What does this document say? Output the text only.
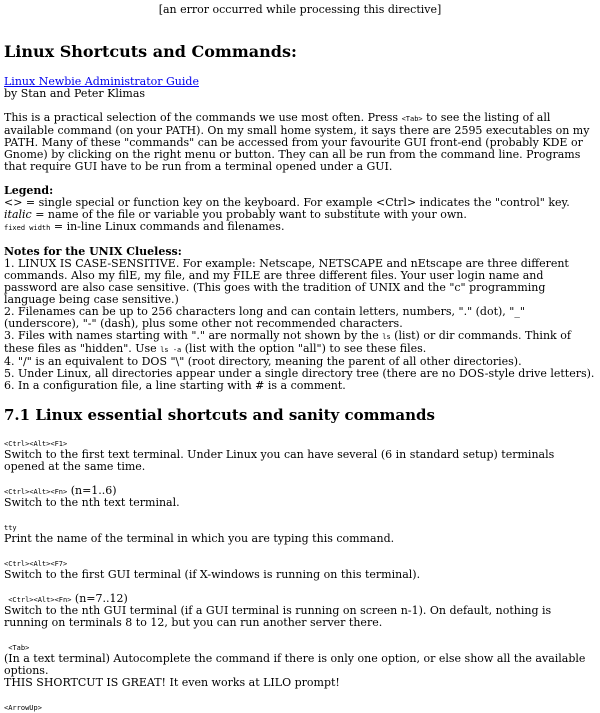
[an error occurred while processing this directive]
Linux Shortcuts and Commands:
Linux Newbie Administrator Guide
by Stan and Peter Klimas

This is a practical selection of the commands we use most often. Press <Tab> to see the listing of all available command (on your PATH). On my small home system, it says there are 2595 executables on my PATH. Many of these "commands" can be accessed from your favourite GUI front-end (probably KDE or Gnome) by clicking on the right menu or button. They can all be run from the command line. Programs that require GUI have to be run from a terminal opened under a GUI.

Legend:
<> = single special or function key on the keyboard. For example <Ctrl> indicates the "control" key.
italic = name of the file or variable you probably want to substitute with your own.
fixed width = in-line Linux commands and filenames.
Notes for the UNIX Clueless:
1. LINUX IS CASE-SENSITIVE. For example: Netscape, NETSCAPE and nEtscape are three different commands. Also my filE, my file, and my FILE are three different files. Your user login name and password are also case sensitive. (This goes with the tradition of UNIX and the "c" programming language being case sensitive.)
2. Filenames can be up to 256 characters long and can contain letters, numbers, "." (dot), "_" (underscore), "-" (dash), plus some other not recommended characters.
3. Files with names starting with "." are normally not shown by the ls (list) or dir commands. Think of these files as "hidden". Use ls -a (list with the option "all") to see these files.
4. "/" is an equivalent to DOS "\" (root directory, meaning the parent of all other directories).
5. Under Linux, all directories appear under a single directory tree (there are no DOS-style drive letters).
6. In a configuration file, a line starting with # is a comment.
7.1 Linux essential shortcuts and sanity commands
<Ctrl><Alt><F1>
Switch to the first text terminal. Under Linux you can have several (6 in standard setup) terminals opened at the same time.
<Ctrl><Alt><Fn> (n=1..6)
Switch to the nth text terminal.
tty
Print the name of the terminal in which you are typing this command.
<Ctrl><Alt><F7>
Switch to the first GUI terminal (if X-windows is running on this terminal).
<Ctrl><Alt><Fn> (n=7..12)
Switch to the nth GUI terminal (if a GUI terminal is running on screen n-1). On default, nothing is running on terminals 8 to 12, but you can run another server there.
<Tab>
(In a text terminal) Autocomplete the command if there is only one option, or else show all the available options.
THIS SHORTCUT IS GREAT! It even works at LILO prompt!
<ArrowUp>
